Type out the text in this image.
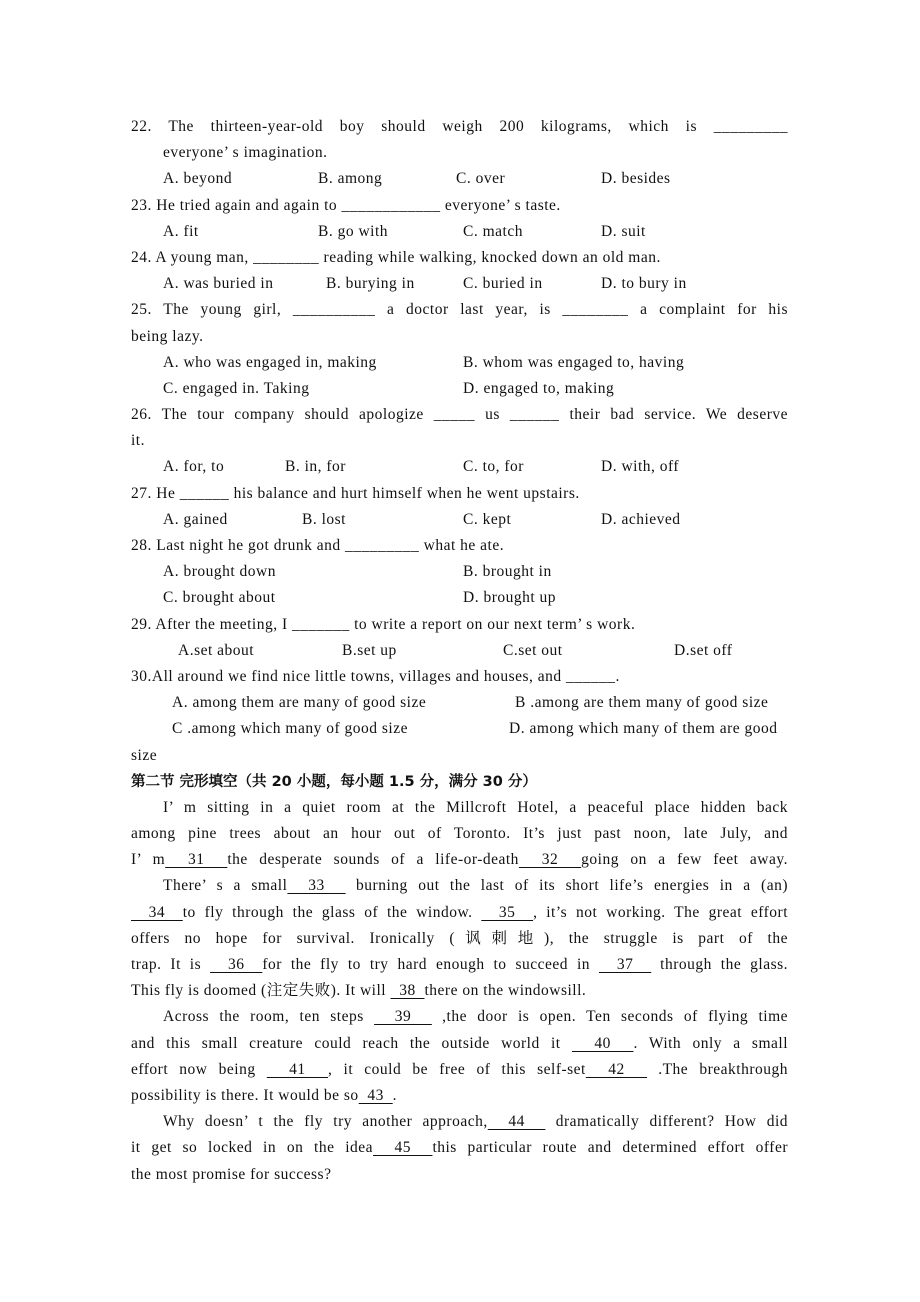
22. The thirteen-year-old boy should weigh 200 kilograms, which is _________
everyone’ s imagination.
A. beyond	B. among	C. over	D. besides
23. He tried again and again to ____________ everyone’ s taste.
A. fit	B. go with	C. match	D. suit
24. A young man, ________ reading while walking, knocked down an old man.
A. was buried in	B. burying in	C. buried in	D. to bury in
25. The young girl, __________ a doctor last year, is ________ a complaint for his
being lazy.
A. who was engaged in, making	B. whom was engaged to, having
C. engaged in. Taking	D. engaged to, making
26. The tour company should apologize _____ us ______ their bad service. We deserve
it.
A. for, to	B. in, for	C. to, for	D. with, off
27. He ______ his balance and hurt himself when he went upstairs.
A. gained	B. lost	C. kept	D. achieved
28. Last night he got drunk and _________ what he ate.
A. brought down	B. brought in
C. brought about	D. brought up
29. After the meeting, I _______ to write a report on our next term’ s work.
A.set about	B.set up	C.set out	D.set off
30.All around we find nice little towns, villages and houses, and ______.
A. among them are many of good size	B .among are them many of good size
C .among which many of good size	D. among which many of them are good
size
第二节 完形填空（共 20 小题，每小题 1.5 分，满分 30 分）
I’ m sitting in a quiet room at the Millcroft Hotel, a peaceful place hidden back
among pine trees about an hour out of Toronto. It’s just past noon, late July, and
I’ m  31  the desperate sounds of a life-or-death  32  going on a few feet away.
There’ s a small  33   burning out the last of its short life’s energies in a (an)
34  to fly through the glass of the window.   35  , it’s not working. The great effort
offers no hope for survival. Ironically (讽刺地), the struggle is part of the
trap. It is   36  for the fly to try hard enough to succeed in   37   through the glass.
This fly is doomed (注定失败). It will   38  there on the windowsill.
Across the room, ten steps   39   ,the door is open. Ten seconds of flying time
and this small creature could reach the outside world it   40  . With only a small
effort now being   41  , it could be free of this self-set  42   .The breakthrough
possibility is there. It would be so  43  .
Why doesn’ t the fly try another approach,  44   dramatically different? How did
it get so locked in on the idea  45  this particular route and determined effort offer
the most promise for success?
